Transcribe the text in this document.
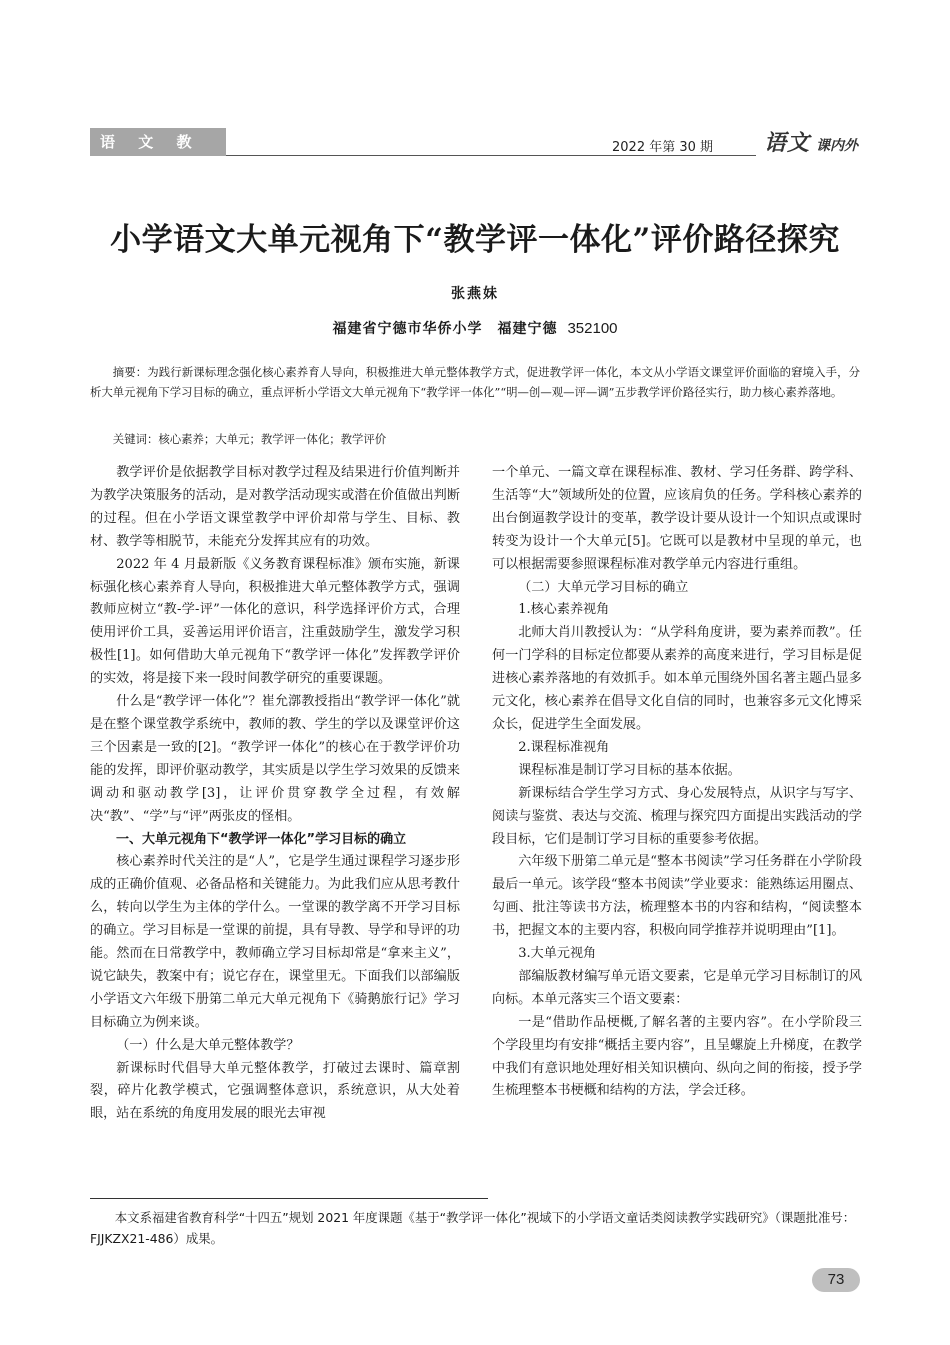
语 文 教 研
2022 年第 30 期 语文 课内外
小学语文大单元视角下“教学评一体化”评价路径探究
张燕妹
福建省宁德市华侨小学　福建宁德 352100

摘要：为践行新课标理念强化核心素养育人导向，积极推进大单元整体教学方式，促进教学评一体化，本文从小学语文课堂评价面临的窘境入手，分析大单元视角下学习目标的确立，重点评析小学语文大单元视角下“教学评一体化”“明—创—观—评—调”五步教学评价路径实行，助力核心素养落地。

关键词：核心素养；大单元；教学评一体化；教学评价

教学评价是依据教学目标对教学过程及结果进行价值判断并为教学决策服务的活动，是对教学活动现实或潜在价值做出判断的过程。但在小学语文课堂教学中评价却常与学生、目标、教材、教学等相脱节，未能充分发挥其应有的功效。

2022 年 4 月最新版《义务教育课程标准》颁布实施，新课标强化核心素养育人导向，积极推进大单元整体教学方式，强调教师应树立“教-学-评”一体化的意识，科学选择评价方式，合理使用评价工具，妥善运用评价语言，注重鼓励学生，激发学习积极性[1]。如何借助大单元视角下“教学评一体化”发挥教学评价的实效，将是接下来一段时间教学研究的重要课题。

什么是“教学评一体化”？崔允漷教授指出“教学评一体化”就是在整个课堂教学系统中，教师的教、学生的学以及课堂评价这三个因素是一致的[2]。“教学评一体化”的核心在于教学评价功能的发挥，即评价驱动教学，其实质是以学生学习效果的反馈来调动和驱动教学[3]，让评价贯穿教学全过程，有效解决“教”、“学”与“评”两张皮的怪相。

一、大单元视角下“教学评一体化”学习目标的确立

核心素养时代关注的是“人”，它是学生通过课程学习逐步形成的正确价值观、必备品格和关键能力。为此我们应从思考教什么，转向以学生为主体的学什么。一堂课的教学离不开学习目标的确立。学习目标是一堂课的前提，具有导教、导学和导评的功能。然而在日常教学中，教师确立学习目标却常是“拿来主义”，说它缺失，教案中有；说它存在，课堂里无。下面我们以部编版小学语文六年级下册第二单元大单元视角下《骑鹅旅行记》学习目标确立为例来谈。

（一）什么是大单元整体教学？

新课标时代倡导大单元整体教学，打破过去课时、篇章割裂，碎片化教学模式，它强调整体意识，系统意识，从大处着眼，站在系统的角度用发展的眼光去审视

一个单元、一篇文章在课程标准、教材、学习任务群、跨学科、生活等“大”领域所处的位置，应该肩负的任务。学科核心素养的出台倒逼教学设计的变革，教学设计要从设计一个知识点或课时转变为设计一个大单元[5]。它既可以是教材中呈现的单元，也可以根据需要参照课程标准对教学单元内容进行重组。

（二）大单元学习目标的确立

1.核心素养视角

北师大肖川教授认为：“从学科角度讲，要为素养而教”。任何一门学科的目标定位都要从素养的高度来进行，学习目标是促进核心素养落地的有效抓手。如本单元围绕外国名著主题凸显多元文化，核心素养在倡导文化自信的同时，也兼容多元文化博采众长，促进学生全面发展。

2.课程标准视角

课程标准是制订学习目标的基本依据。

新课标结合学生学习方式、身心发展特点，从识字与写字、阅读与鉴赏、表达与交流、梳理与探究四方面提出实践活动的学段目标，它们是制订学习目标的重要参考依据。

六年级下册第二单元是“整本书阅读”学习任务群在小学阶段最后一单元。该学段“整本书阅读”学业要求：能熟练运用圈点、勾画、批注等读书方法，梳理整本书的内容和结构，“阅读整本书，把握文本的主要内容，积极向同学推荐并说明理由”[1]。

3.大单元视角

部编版教材编写单元语文要素，它是单元学习目标制订的风向标。本单元落实三个语文要素：

一是“借助作品梗概,了解名著的主要内容”。在小学阶段三个学段里均有安排“概括主要内容”，且呈螺旋上升梯度，在教学中我们有意识地处理好相关知识横向、纵向之间的衔接，授予学生梳理整本书梗概和结构的方法，学会迁移。

本文系福建省教育科学“十四五”规划 2021 年度课题《基于“教学评一体化”视域下的小学语文童话类阅读教学实践研究》（课题批准号：FJJKZX21-486）成果。
73
